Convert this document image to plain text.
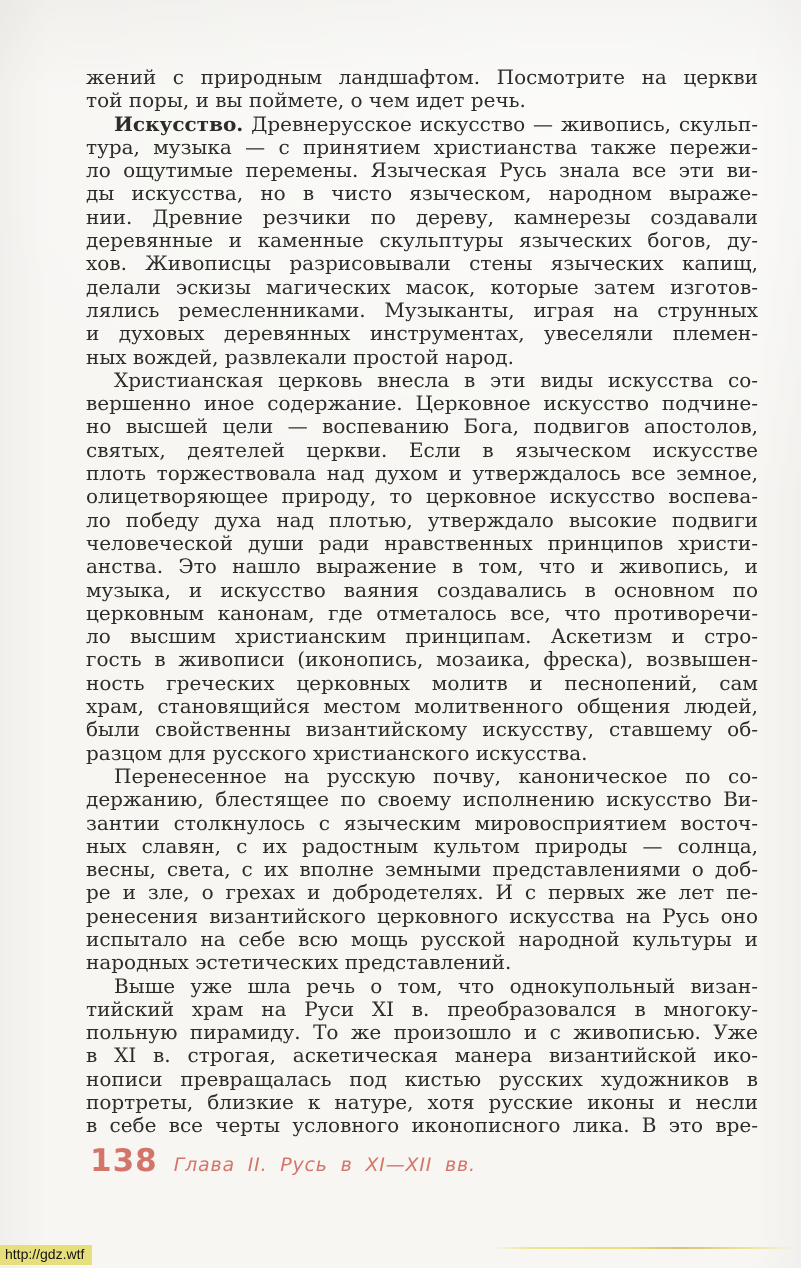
жений с природным ландшафтом. Посмотрите на церкви
той поры, и вы поймете, о чем идет речь.
Искусство. Древнерусское искусство — живопись, скульп-
тура, музыка — с принятием христианства также пережи-
ло ощутимые перемены. Языческая Русь знала все эти ви-
ды искусства, но в чисто языческом, народном выраже-
нии. Древние резчики по дереву, камнерезы создавали
деревянные и каменные скульптуры языческих богов, ду-
хов. Живописцы разрисовывали стены языческих капищ,
делали эскизы магических масок, которые затем изготов-
лялись ремесленниками. Музыканты, играя на струнных
и духовых деревянных инструментах, увеселяли племен-
ных вождей, развлекали простой народ.
Христианская церковь внесла в эти виды искусства со-
вершенно иное содержание. Церковное искусство подчине-
но высшей цели — воспеванию Бога, подвигов апостолов,
святых, деятелей церкви. Если в языческом искусстве
плоть торжествовала над духом и утверждалось все земное,
олицетворяющее природу, то церковное искусство воспева-
ло победу духа над плотью, утверждало высокие подвиги
человеческой души ради нравственных принципов христи-
анства. Это нашло выражение в том, что и живопись, и
музыка, и искусство ваяния создавались в основном по
церковным канонам, где отметалось все, что противоречи-
ло высшим христианским принципам. Аскетизм и стро-
гость в живописи (иконопись, мозаика, фреска), возвышен-
ность греческих церковных молитв и песнопений, сам
храм, становящийся местом молитвенного общения людей,
были свойственны византийскому искусству, ставшему об-
разцом для русского христианского искусства.
Перенесенное на русскую почву, каноническое по со-
держанию, блестящее по своему исполнению искусство Ви-
зантии столкнулось с языческим мировосприятием восточ-
ных славян, с их радостным культом природы — солнца,
весны, света, с их вполне земными представлениями о доб-
ре и зле, о грехах и добродетелях. И с первых же лет пе-
ренесения византийского церковного искусства на Русь оно
испытало на себе всю мощь русской народной культуры и
народных эстетических представлений.
Выше уже шла речь о том, что однокупольный визан-
тийский храм на Руси XI в. преобразовался в многоку-
польную пирамиду. То же произошло и с живописью. Уже
в XI в. строгая, аскетическая манера византийской ико-
нописи превращалась под кистью русских художников в
портреты, близкие к натуре, хотя русские иконы и несли
в себе все черты условного иконописного лика. В это вре-
138 Глава II. Русь в XI—XII вв.
http://gdz.wtf
